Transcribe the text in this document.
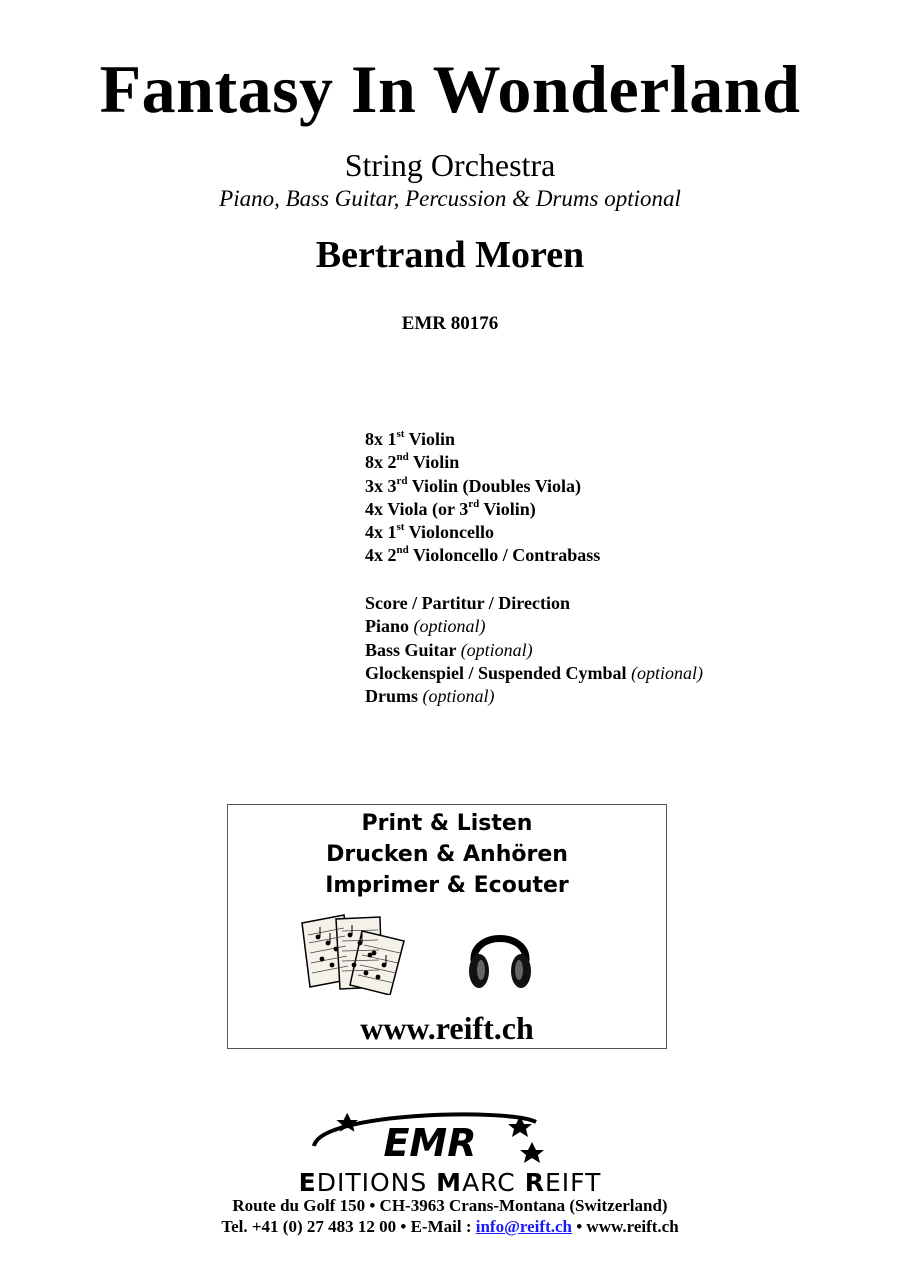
Fantasy In Wonderland
String Orchestra
Piano, Bass Guitar, Percussion & Drums optional
Bertrand Moren
EMR 80176
8x 1st Violin
8x 2nd Violin
3x 3rd Violin (Doubles Viola)
4x Viola (or 3rd Violin)
4x 1st Violoncello
4x 2nd Violoncello / Contrabass
Score / Partitur / Direction
Piano (optional)
Bass Guitar (optional)
Glockenspiel / Suspended Cymbal (optional)
Drums (optional)
Print & Listen
Drucken & Anhören
Imprimer & Ecouter
www.reift.ch
EMR
EDITIONS MARC REIFT
Route du Golf 150 • CH-3963 Crans-Montana (Switzerland)
Tel. +41 (0) 27 483 12 00 • E-Mail : info@reift.ch • www.reift.ch
